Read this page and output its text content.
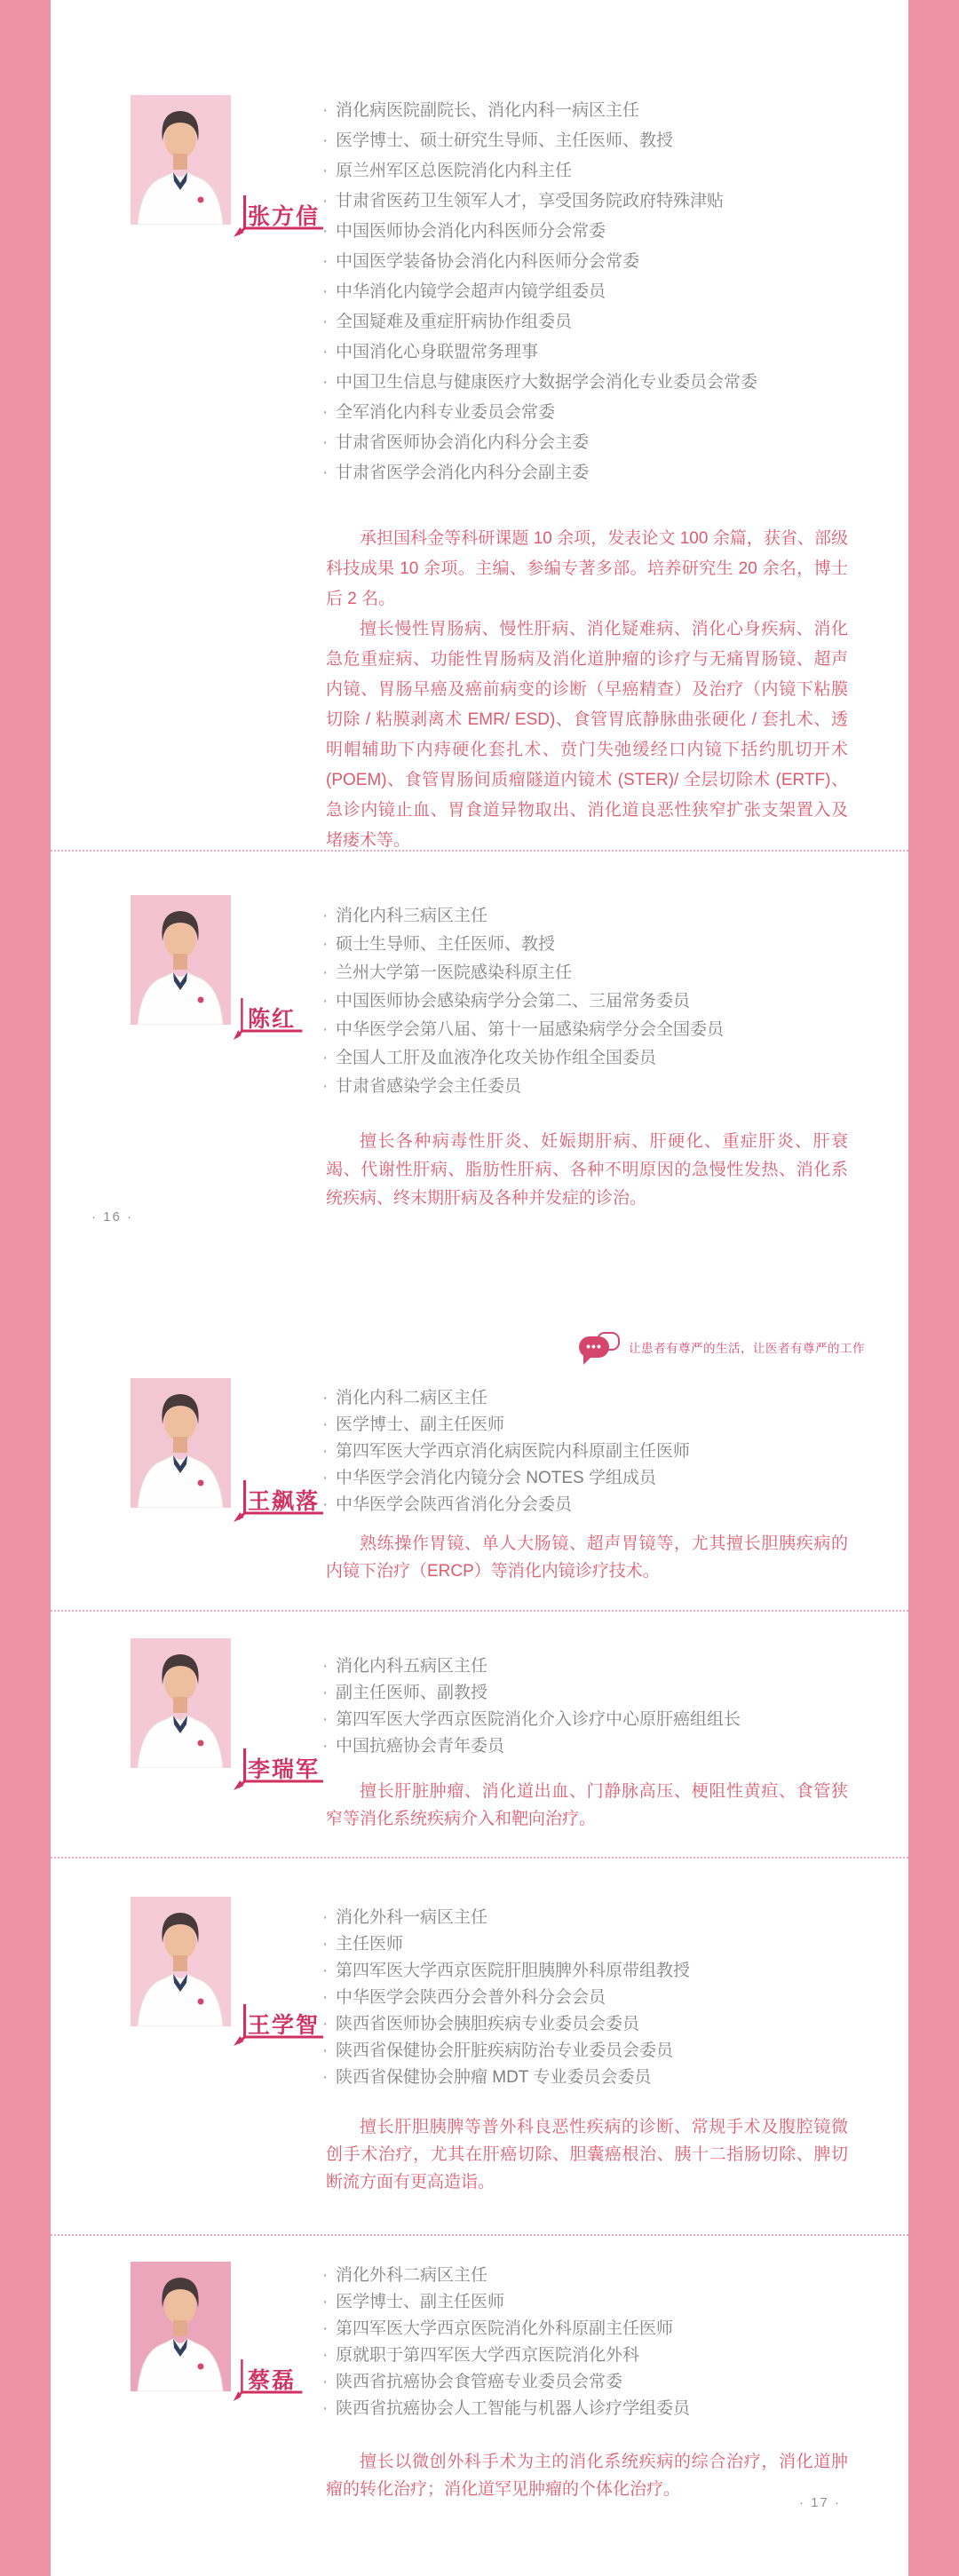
张方信
· 消化病医院副院长、消化内科一病区主任
· 医学博士、硕士研究生导师、主任医师、教授
· 原兰州军区总医院消化内科主任
· 甘肃省医药卫生领军人才，享受国务院政府特殊津贴
· 中国医师协会消化内科医师分会常委
· 中国医学装备协会消化内科医师分会常委
· 中华消化内镜学会超声内镜学组委员
· 全国疑难及重症肝病协作组委员
· 中国消化心身联盟常务理事
· 中国卫生信息与健康医疗大数据学会消化专业委员会常委
· 全军消化内科专业委员会常委
· 甘肃省医师协会消化内科分会主委
· 甘肃省医学会消化内科分会副主委

承担国科金等科研课题 10 余项，发表论文 100 余篇，获省、部级科技成果 10 余项。主编、参编专著多部。培养研究生 20 余名，博士后 2 名。

擅长慢性胃肠病、慢性肝病、消化疑难病、消化心身疾病、消化急危重症病、功能性胃肠病及消化道肿瘤的诊疗与无痛胃肠镜、超声内镜、胃肠早癌及癌前病变的诊断（早癌精查）及治疗（内镜下粘膜切除 / 粘膜剥离术 EMR/ ESD)、食管胃底静脉曲张硬化 / 套扎术、透明帽辅助下内痔硬化套扎术、贲门失弛缓经口内镜下括约肌切开术 (POEM)、食管胃肠间质瘤隧道内镜术 (STER)/ 全层切除术 (ERTF)、急诊内镜止血、胃食道异物取出、消化道良恶性狭窄扩张支架置入及堵瘘术等。

陈红
· 消化内科三病区主任
· 硕士生导师、主任医师、教授
· 兰州大学第一医院感染科原主任
· 中国医师协会感染病学分会第二、三届常务委员
· 中华医学会第八届、第十一届感染病学分会全国委员
· 全国人工肝及血液净化攻关协作组全国委员
· 甘肃省感染学会主任委员

擅长各种病毒性肝炎、妊娠期肝病、肝硬化、重症肝炎、肝衰竭、代谢性肝病、脂肪性肝病、各种不明原因的急慢性发热、消化系统疾病、终末期肝病及各种并发症的诊治。

· 16 ·
•••	让患者有尊严的生活，让医者有尊严的工作
王飙落
· 消化内科二病区主任
· 医学博士、副主任医师
· 第四军医大学西京消化病医院内科原副主任医师
· 中华医学会消化内镜分会 NOTES 学组成员
· 中华医学会陕西省消化分会委员

熟练操作胃镜、单人大肠镜、超声胃镜等，尤其擅长胆胰疾病的内镜下治疗（ERCP）等消化内镜诊疗技术。

李瑞军
· 消化内科五病区主任
· 副主任医师、副教授
· 第四军医大学西京医院消化介入诊疗中心原肝癌组组长
· 中国抗癌协会青年委员

擅长肝脏肿瘤、消化道出血、门静脉高压、梗阻性黄疸、食管狭窄等消化系统疾病介入和靶向治疗。

王学智
· 消化外科一病区主任
· 主任医师
· 第四军医大学西京医院肝胆胰脾外科原带组教授
· 中华医学会陕西分会普外科分会会员
· 陕西省医师协会胰胆疾病专业委员会委员
· 陕西省保健协会肝脏疾病防治专业委员会委员
· 陕西省保健协会肿瘤 MDT 专业委员会委员

擅长肝胆胰脾等普外科良恶性疾病的诊断、常规手术及腹腔镜微创手术治疗，尤其在肝癌切除、胆囊癌根治、胰十二指肠切除、脾切断流方面有更高造诣。

蔡磊
· 消化外科二病区主任
· 医学博士、副主任医师
· 第四军医大学西京医院消化外科原副主任医师
· 原就职于第四军医大学西京医院消化外科
· 陕西省抗癌协会食管癌专业委员会常委
· 陕西省抗癌协会人工智能与机器人诊疗学组委员

擅长以微创外科手术为主的消化系统疾病的综合治疗，消化道肿瘤的转化治疗；消化道罕见肿瘤的个体化治疗。

· 17 ·
